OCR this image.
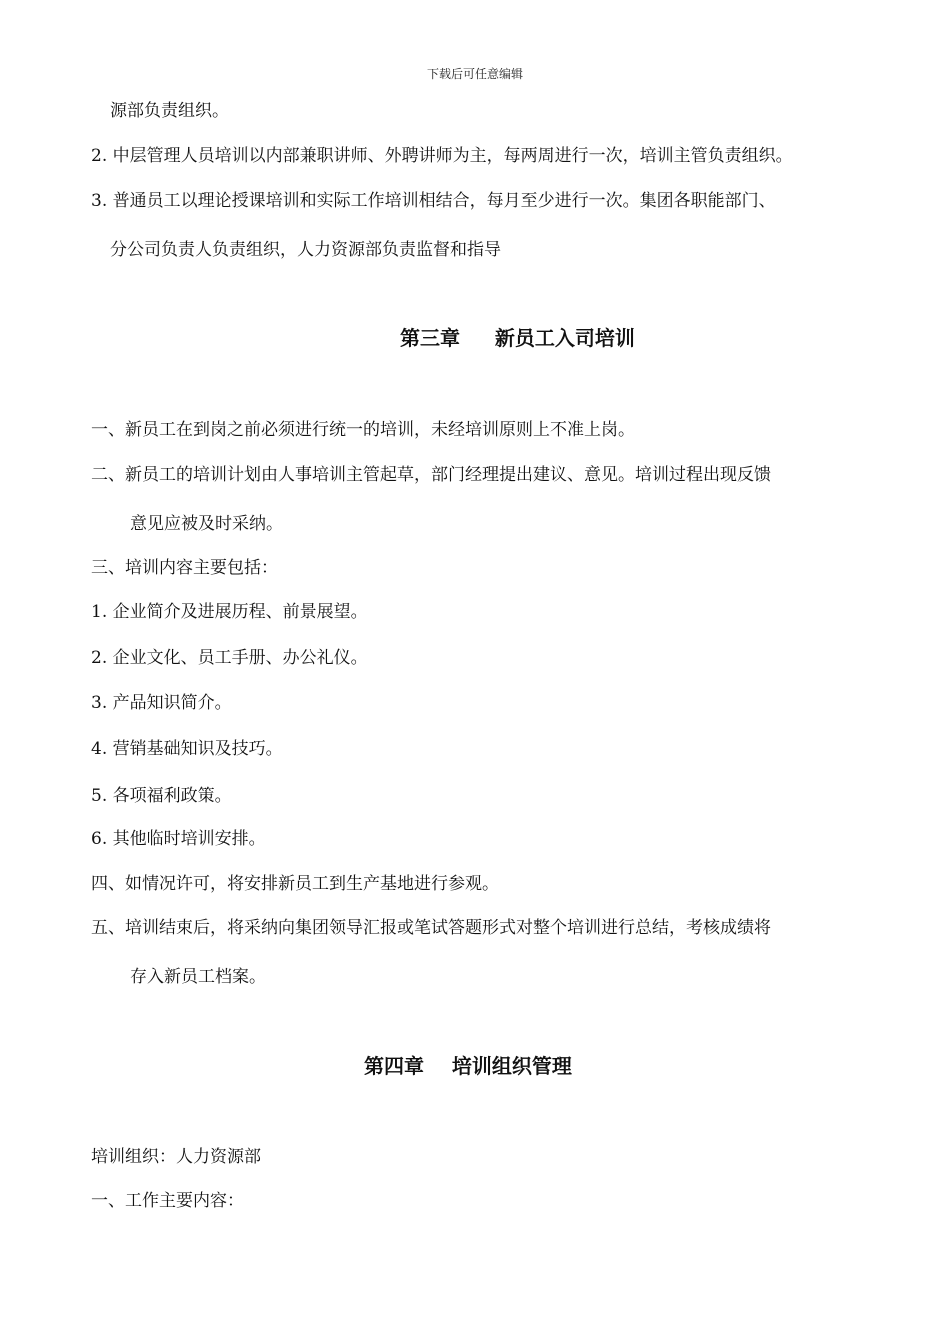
下载后可任意编辑
源部负责组织。
2. 中层管理人员培训以内部兼职讲师、外聘讲师为主，每两周进行一次，培训主管负责组织。
3. 普通员工以理论授课培训和实际工作培训相结合，每月至少进行一次。集团各职能部门、
分公司负责人负责组织，人力资源部负责监督和指导
第三章     新员工入司培训
一、新员工在到岗之前必须进行统一的培训，未经培训原则上不准上岗。
二、新员工的培训计划由人事培训主管起草，部门经理提出建议、意见。培训过程出现反馈
意见应被及时采纳。
三、培训内容主要包括：
1. 企业简介及进展历程、前景展望。
2. 企业文化、员工手册、办公礼仪。
3. 产品知识简介。
4. 营销基础知识及技巧。
5. 各项福利政策。
6. 其他临时培训安排。
四、如情况许可，将安排新员工到生产基地进行参观。
五、培训结束后，将采纳向集团领导汇报或笔试答题形式对整个培训进行总结，考核成绩将
存入新员工档案。
第四章    培训组织管理
培训组织：人力资源部
一、工作主要内容：
